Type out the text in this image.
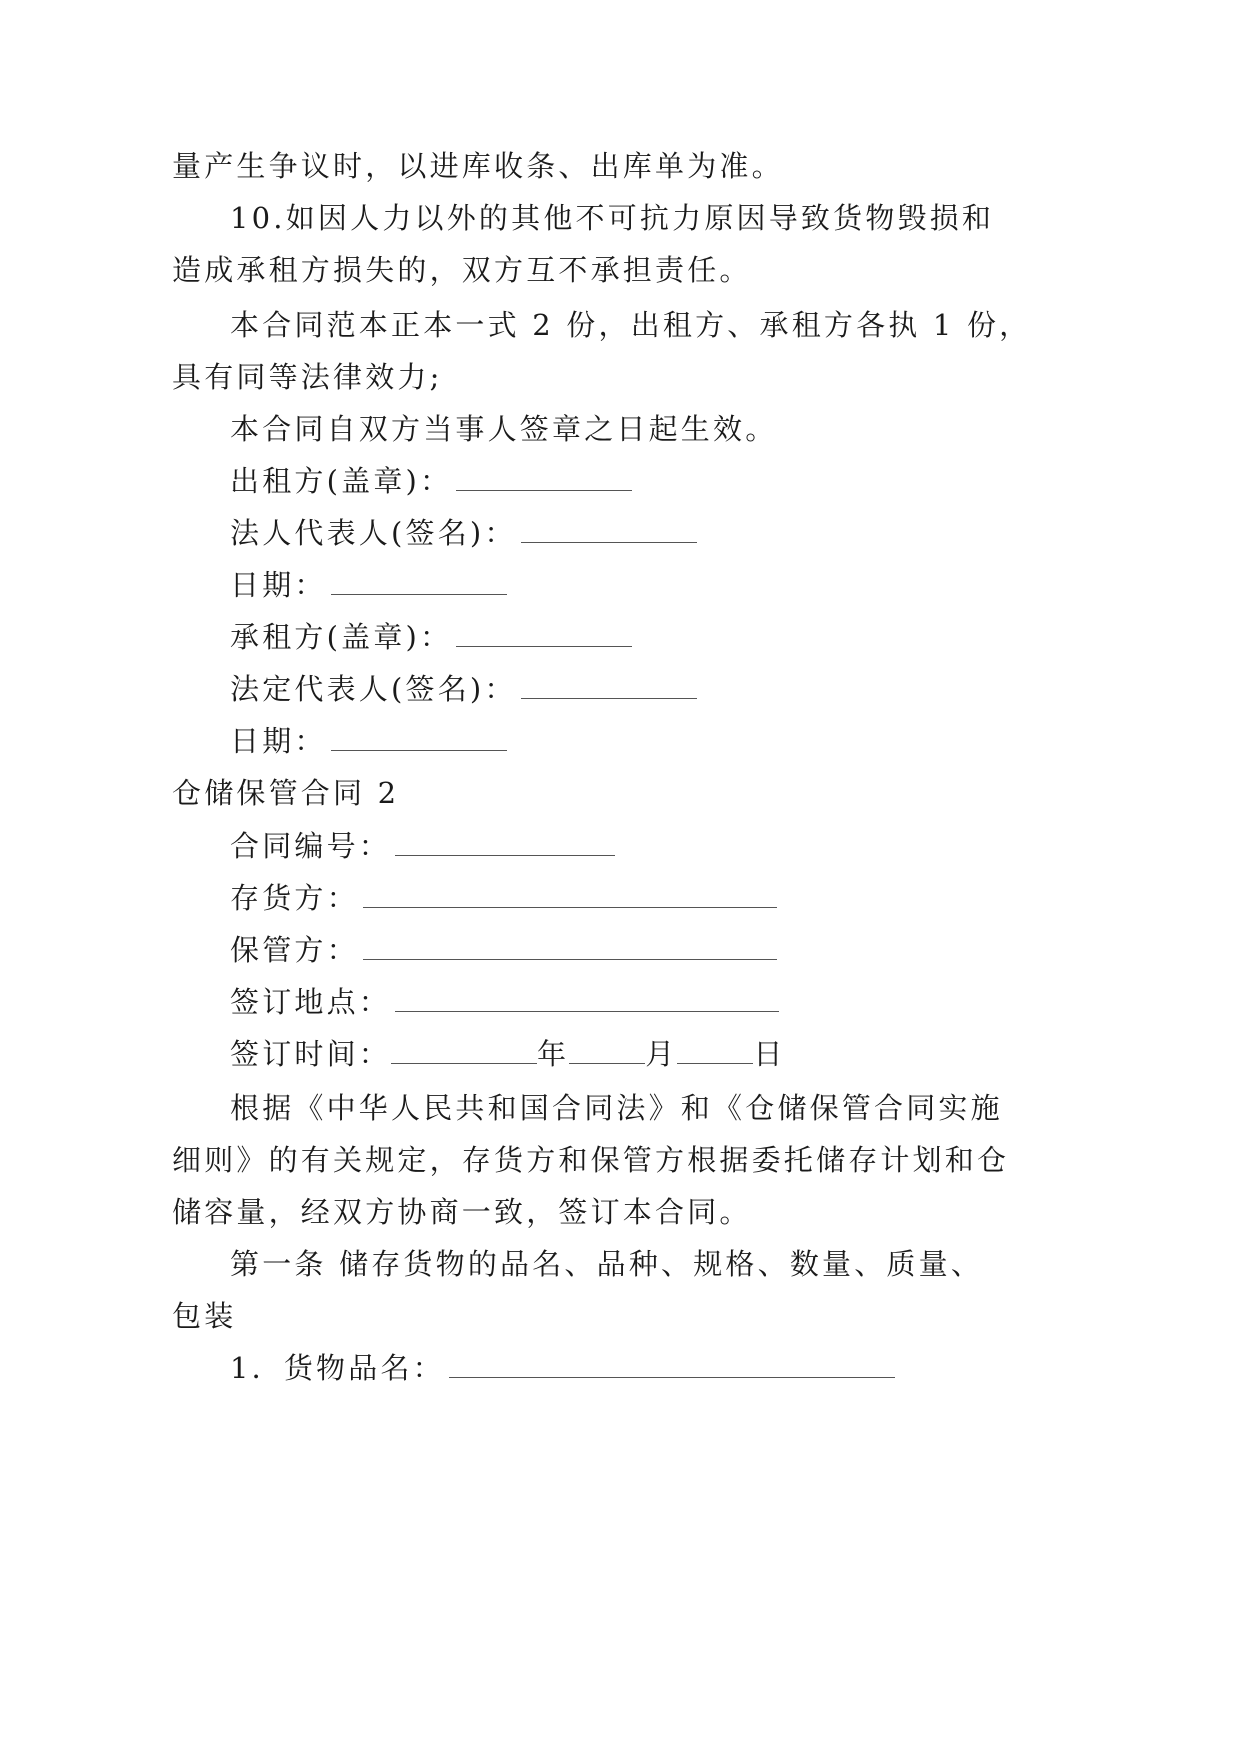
量产生争议时，以进库收条、出库单为准。
10.如因人力以外的其他不可抗力原因导致货物毁损和
造成承租方损失的，双方互不承担责任。
本合同范本正本一式 2 份，出租方、承租方各执 1 份，
具有同等法律效力;
本合同自双方当事人签章之日起生效。
出租方(盖章)：
法人代表人(签名)：
日期：
承租方(盖章)：
法定代表人(签名)：
日期：
仓储保管合同 2
合同编号：
存货方：
保管方：
签订地点：
签订时间：	年	月	日
根据《中华人民共和国合同法》和《仓储保管合同实施
细则》的有关规定，存货方和保管方根据委托储存计划和仓
储容量，经双方协商一致，签订本合同。
第一条 储存货物的品名、品种、规格、数量、质量、
包装
1．货物品名：
